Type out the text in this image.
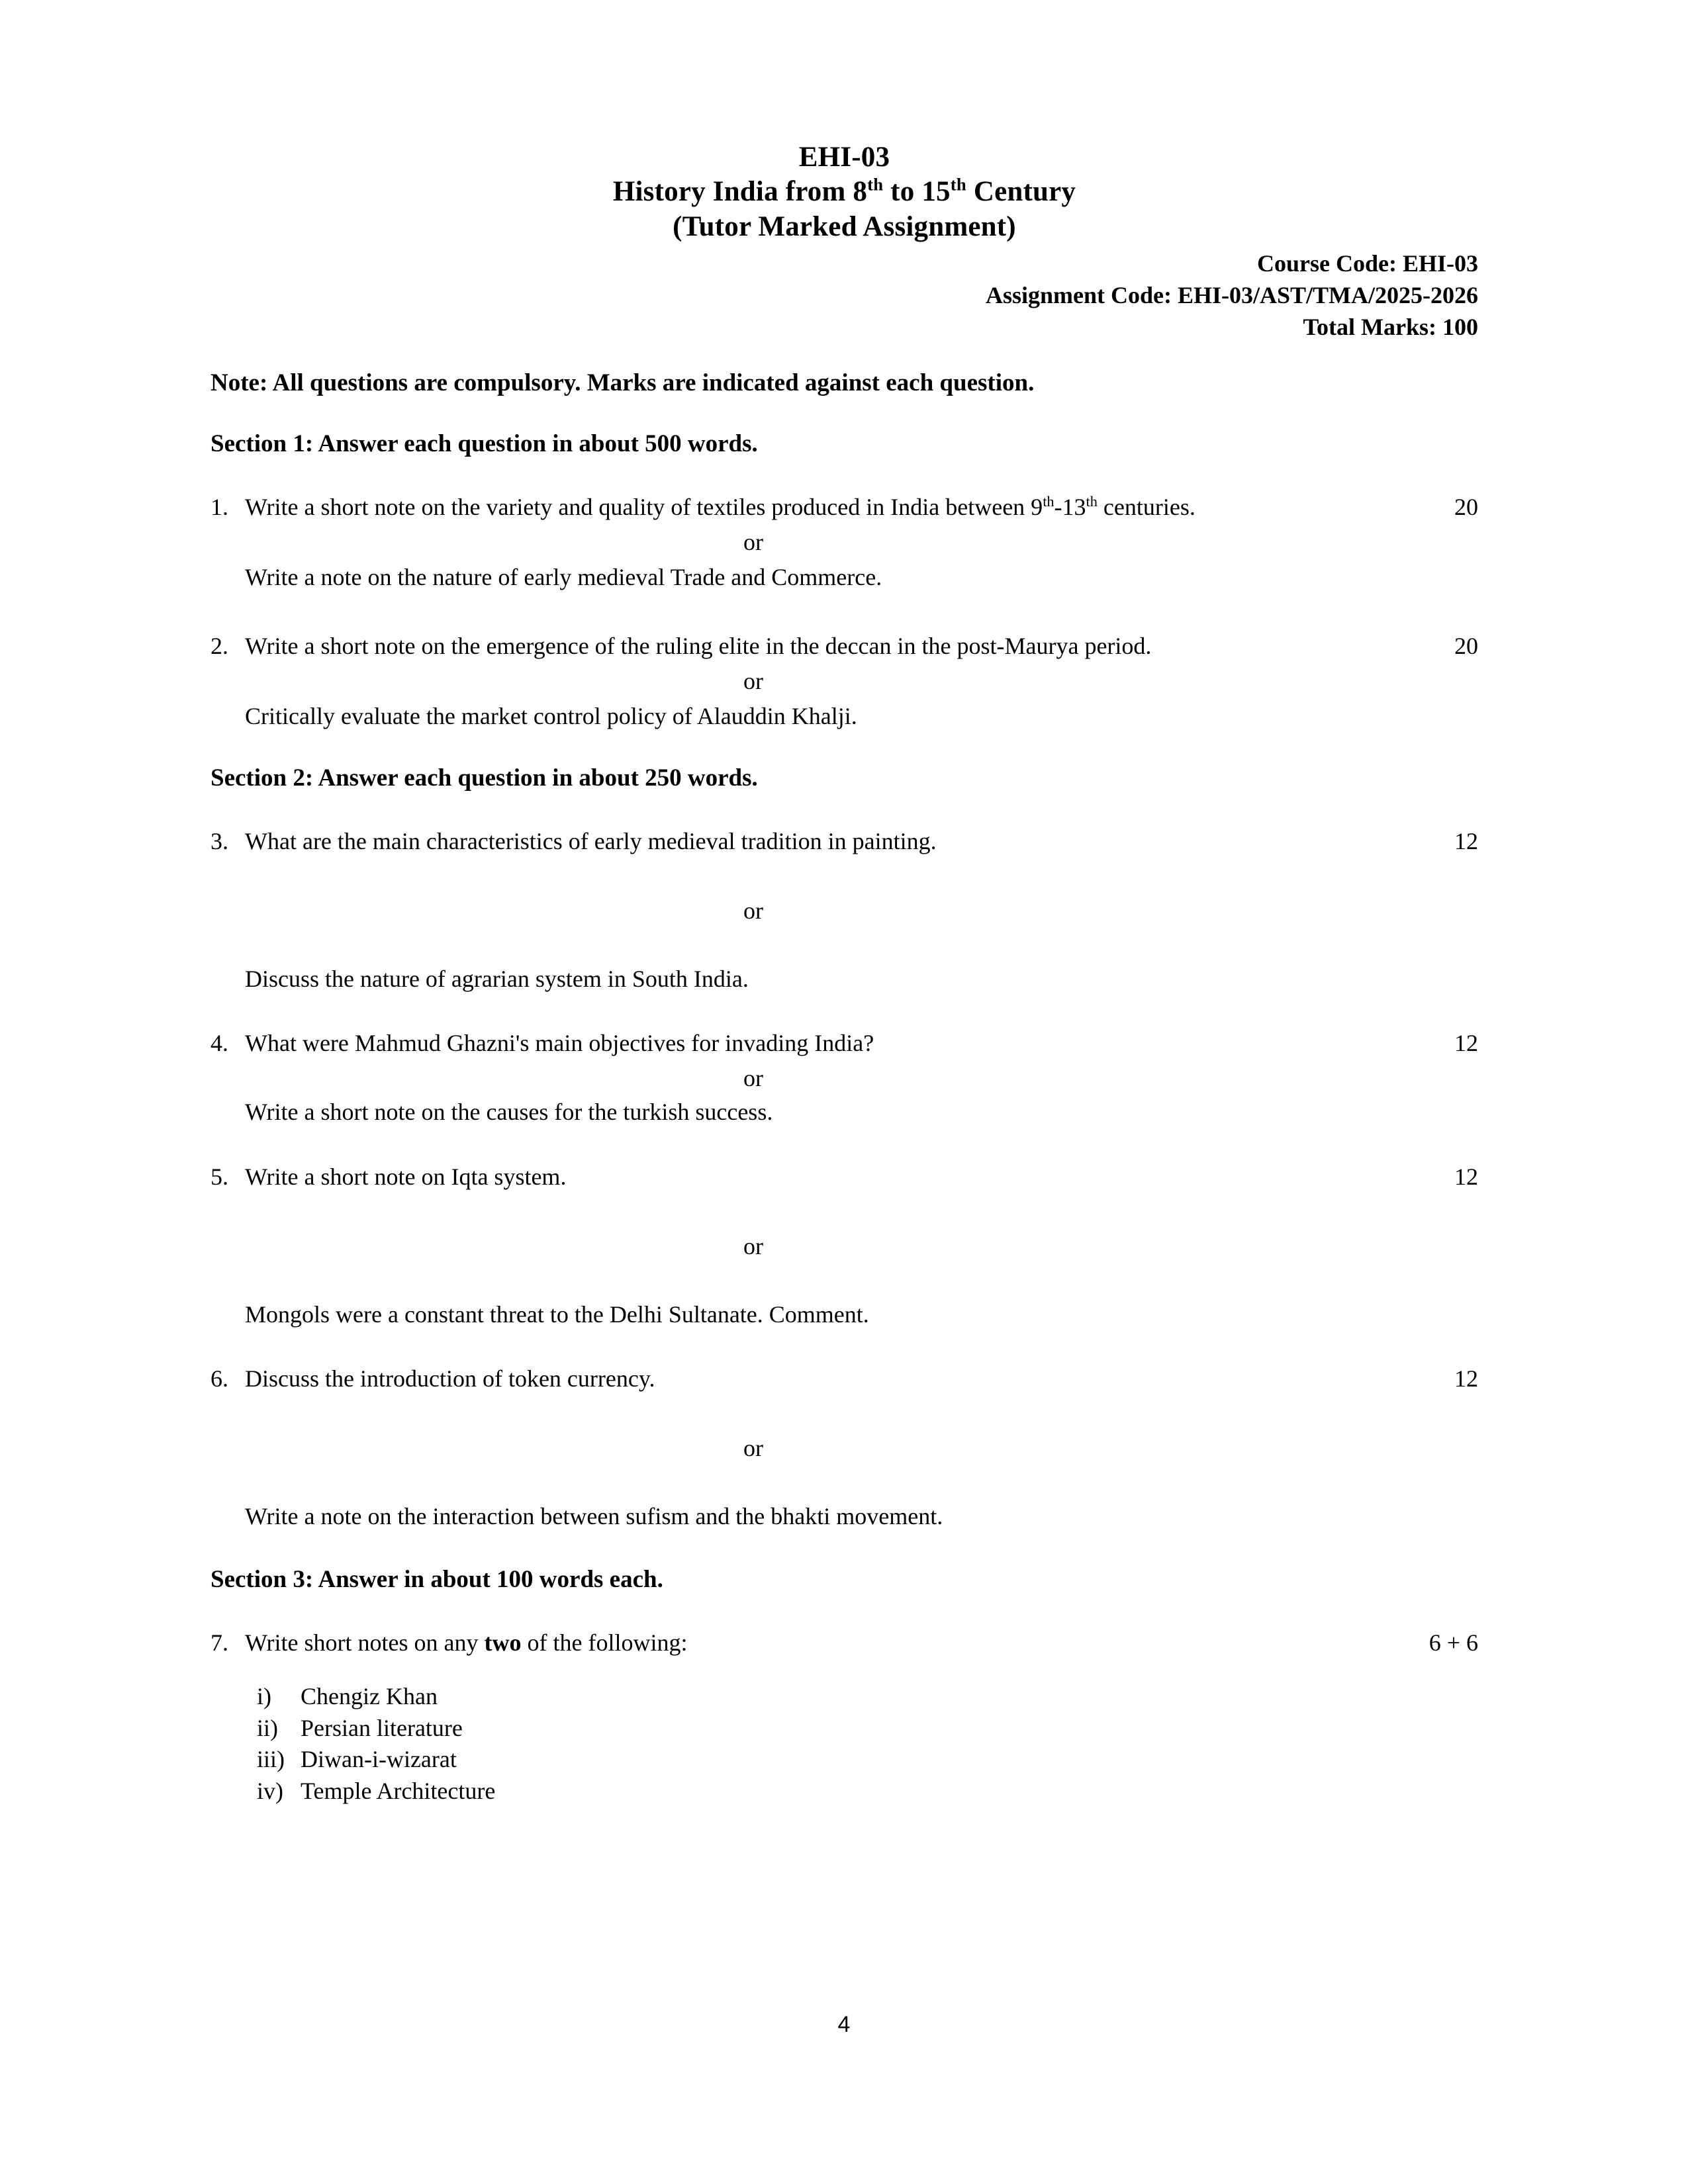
EHI-03
History India from 8th to 15th Century
(Tutor Marked Assignment)
Course Code: EHI-03
Assignment Code: EHI-03/AST/TMA/2025-2026
Total Marks: 100
Note: All questions are compulsory. Marks are indicated against each question.
Section 1: Answer each question in about 500 words.
1. Write a short note on the variety and quality of textiles produced in India between 9th-13th centuries.	20
or
Write a note on the nature of early medieval Trade and Commerce.
2. Write a short note on the emergence of the ruling elite in the deccan in the post-Maurya period.	20
or
Critically evaluate the market control policy of Alauddin Khalji.
Section 2: Answer each question in about 250 words.
3. What are the main characteristics of early medieval tradition in painting.	12
or
Discuss the nature of agrarian system in South India.
4. What were Mahmud Ghazni's main objectives for invading India?	12
or
Write a short note on the causes for the turkish success.
5. Write a short note on Iqta system.	12
or
Mongols were a constant threat to the Delhi Sultanate. Comment.
6. Discuss the introduction of token currency.	12
or
Write a note on the interaction between sufism and the bhakti movement.
Section 3: Answer in about 100 words each.
7. Write short notes on any two of the following:	6 + 6
i)	Chengiz Khan
ii) Persian literature
iii) Diwan-i-wizarat
iv) Temple Architecture
4
